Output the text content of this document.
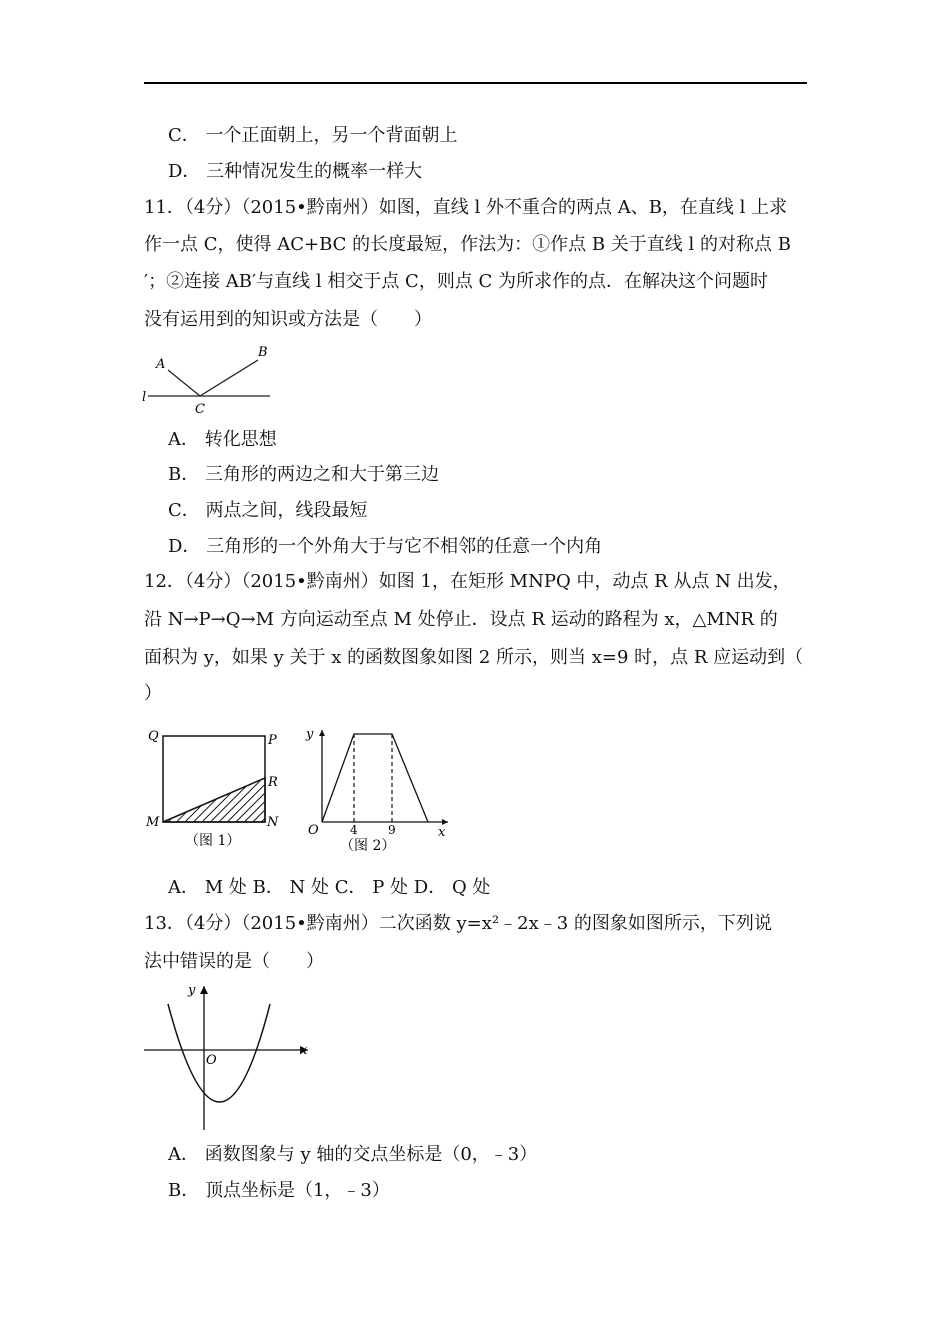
C． 一个正面朝上，另一个背面朝上
D． 三种情况发生的概率一样大
11．（4分）（2015•黔南州）如图，直线 l 外不重合的两点 A、B，在直线 l 上求
作一点 C，使得 AC+BC 的长度最短，作法为：①作点 B 关于直线 l 的对称点 B
′；②连接 AB′与直线 l 相交于点 C，则点 C 为所求作的点．在解决这个问题时
没有运用到的知识或方法是（　　）
A
B
C
l
A． 转化思想
B． 三角形的两边之和大于第三边
C． 两点之间，线段最短
D． 三角形的一个外角大于与它不相邻的任意一个内角
12．（4分）（2015•黔南州）如图 1，在矩形 MNPQ 中，动点 R 从点 N 出发，
沿 N→P→Q→M 方向运动至点 M 处停止．设点 R 运动的路程为 x，△MNR 的
面积为 y，如果 y 关于 x 的函数图象如图 2 所示，则当 x=9 时，点 R 应运动到（
）
Q	P
R
M	N
（图 1）
y
O	4	9	x
（图 2）
A． M 处 B． N 处 C． P 处 D． Q 处
13．（4分）（2015•黔南州）二次函数 y=x²﹣2x﹣3 的图象如图所示，下列说
法中错误的是（　　）
y
O
x
A． 函数图象与 y 轴的交点坐标是（0，﹣3）
B． 顶点坐标是（1，﹣3）
